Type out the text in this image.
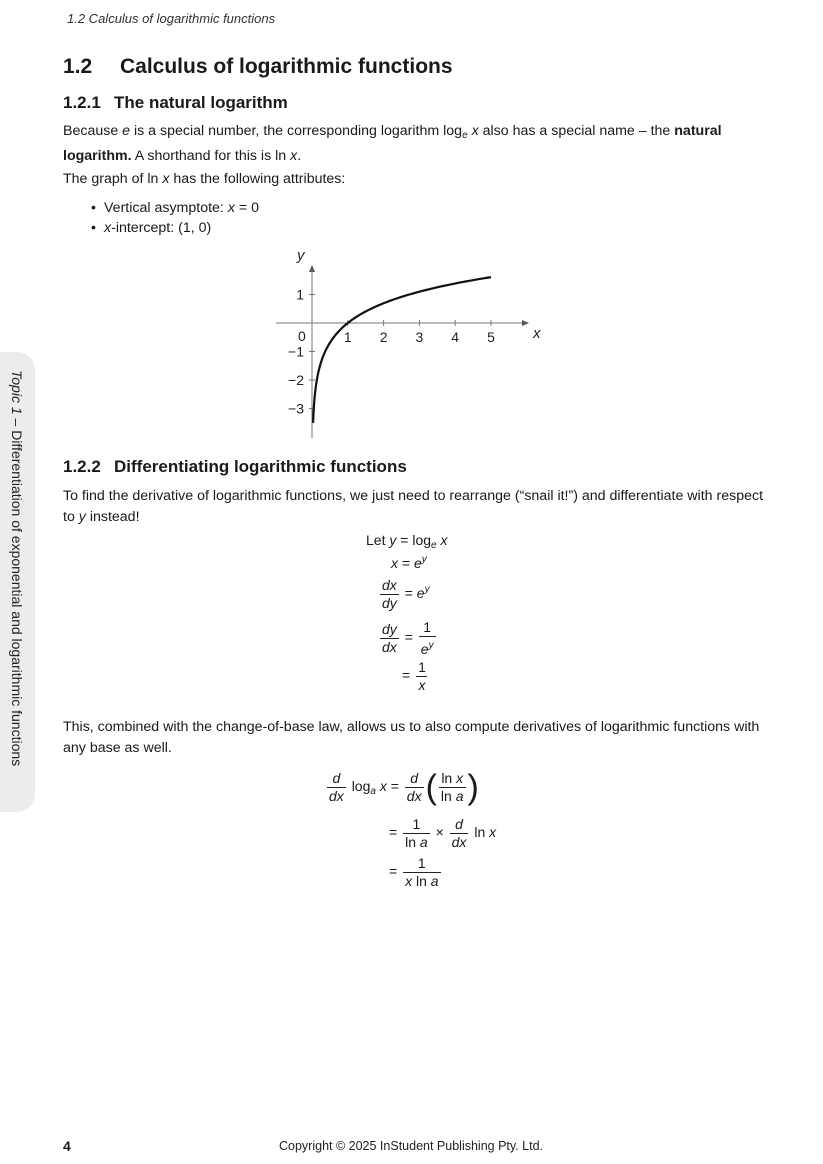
1.2 Calculus of logarithmic functions
Topic 1 – Differentiation of exponential and logarithmic functions
1.2 Calculus of logarithmic functions
1.2.1 The natural logarithm

Because e is a special number, the corresponding logarithm $\log_e x$ also has a special name – the natural logarithm. A shorthand for this is ln x.

The graph of ln x has the following attributes:

• Vertical asymptote: x = 0
• x-intercept: (1, 0)
1 2 3 4 5
1
−1
−2
−3
x
y
0
1.2.2 Differentiating logarithmic functions

To find the derivative of logarithmic functions, we just need to rearrange (“snail it!”) and differentiate with respect to y instead!

Let $y = \log_e x$
$x = e^y$
$\frac{dx}{dy} = e^y$
$\frac{dy}{dx} = \frac{1}{e^y}$
= $\frac{1}{x}$

This, combined with the change-of-base law, allows us to also compute derivatives of logarithmic functions with any base as well.

$\frac{d}{dx} \log_a x = \frac{d}{dx}$ ( $\frac{\text{ln x}}{\text{ln a}}$ )
= $\frac{1}{\text{ln a}} \times \frac{d}{dx}$ ln x
= $\frac{1}{\text{x ln a}}$
4	Copyright © 2025 InStudent Publishing Pty. Ltd.
